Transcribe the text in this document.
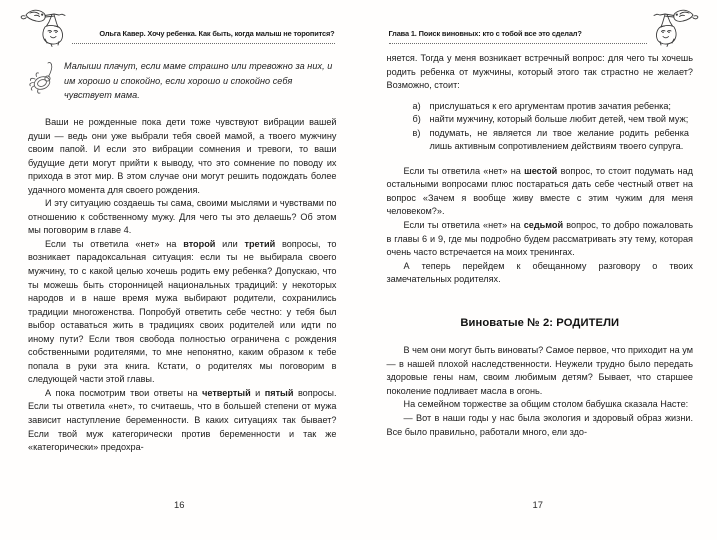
Ольга Кавер. Хочу ребенка. Как быть, когда малыш не торопится?
Малыши плачут, если маме страшно или тревожно за них, и им хорошо и спокойно, если хорошо и спокойно себя чувствует мама.

Ваши не рожденные пока дети тоже чувствуют вибрации вашей души — ведь они уже выбрали тебя своей мамой, а твоего мужчину своим папой. И если это вибрации сомнения и тревоги, то ваши будущие дети могут прийти к выводу, что это сомнение по поводу их прихода в этот мир. В этом случае они могут решить подождать более удачного момента для своего рождения.

И эту ситуацию создаешь ты сама, своими мыслями и чувствами по отношению к собственному мужу. Для чего ты это делаешь? Об этом мы поговорим в главе 4.

Если ты ответила «нет» на второй или третий вопросы, то возникает парадоксальная ситуация: если ты не выбирала своего мужчину, то с какой целью хочешь родить ему ребенка? Допускаю, что ты можешь быть сторонницей национальных традиций: у некоторых народов и в наше время мужа выбирают родители, сохранились традиции многоженства. Попробуй ответить себе честно: у тебя был выбор оставаться жить в традициях своих родителей или идти по иному пути? Если твоя свобода полностью ограничена с рождения собственными родителями, то мне непонятно, каким образом к тебе попала в руки эта книга. Кстати, о родителях мы поговорим в следующей части этой главы.

А пока посмотрим твои ответы на четвертый и пятый вопросы. Если ты ответила «нет», то считаешь, что в большей степени от мужа зависит наступление беременности. В каких ситуациях так бывает? Если твой муж категорически против беременности и так же «категорически» предохра-

16
Глава 1. Поиск виновных: кто с тобой все это сделал?

няется. Тогда у меня возникает встречный вопрос: для чего ты хочешь родить ребенка от мужчины, который этого так страстно не желает? Возможно, стоит:

а) прислушаться к его аргументам против зачатия ребенка;
б) найти мужчину, который больше любит детей, чем твой муж;
в) подумать, не является ли твое желание родить ребенка лишь активным сопротивлением действиям твоего супруга.

Если ты ответила «нет» на шестой вопрос, то стоит подумать над остальными вопросами плюс постараться дать себе честный ответ на вопрос «Зачем я вообще живу вместе с этим чужим для меня человеком?».

Если ты ответила «нет» на седьмой вопрос, то добро пожаловать в главы 6 и 9, где мы подробно будем рассматривать эту тему, которая очень часто встречается на моих тренингах.

А теперь перейдем к обещанному разговору о твоих замечательных родителях.

Виноватые № 2: РОДИТЕЛИ

В чем они могут быть виноваты? Самое первое, что приходит на ум — в нашей плохой наследственности. Неужели трудно было передать здоровые гены нам, своим любимым детям? Бывает, что старшее поколение подливает масла в огонь.

На семейном торжестве за общим столом бабушка сказала Насте:

— Вот в наши годы у нас была экология и здоровый образ жизни. Все было правильно, работали много, ели здо-

17
